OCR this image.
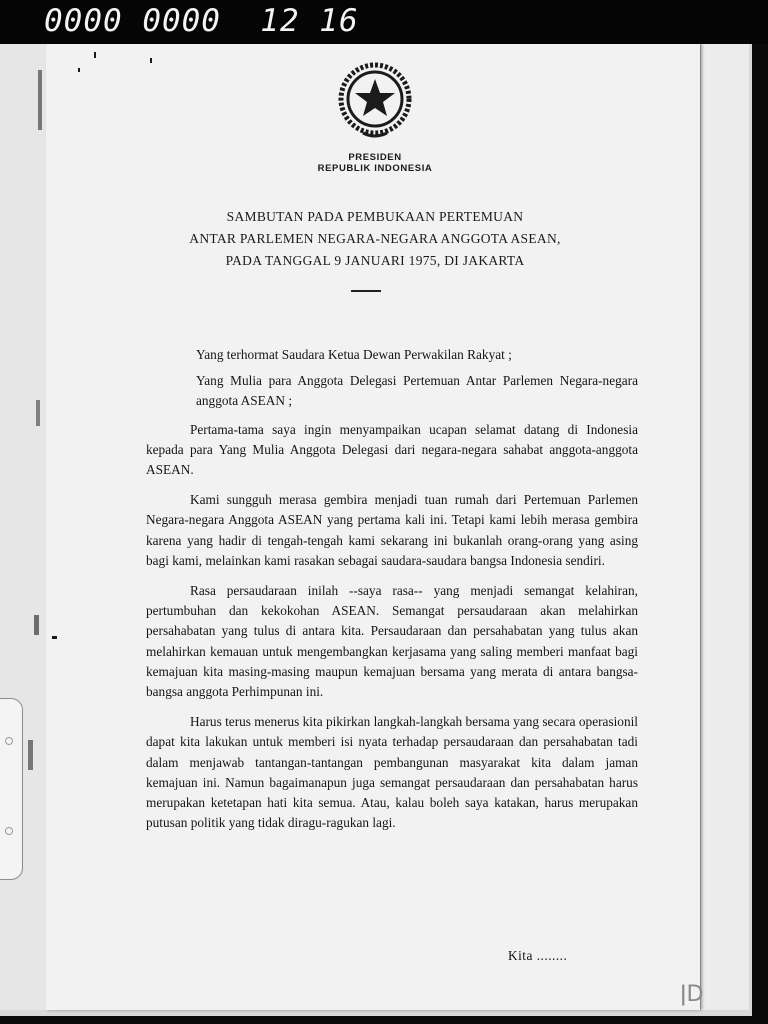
0000 0000  12 16
PRESIDEN
REPUBLIK INDONESIA
SAMBUTAN PADA PEMBUKAAN PERTEMUAN
ANTAR PARLEMEN NEGARA-NEGARA ANGGOTA ASEAN,
PADA TANGGAL 9 JANUARI 1975, DI JAKARTA

Yang terhormat Saudara Ketua Dewan Perwakilan Rakyat ;

Yang Mulia para Anggota Delegasi Pertemuan Antar Parlemen Negara-negara anggota ASEAN ;

Pertama-tama saya ingin menyampaikan ucapan selamat datang di Indonesia kepada para Yang Mulia Anggota Delegasi dari negara-negara sahabat anggota-anggota ASEAN.

Kami sungguh merasa gembira menjadi tuan rumah dari Pertemuan Parlemen Negara-negara Anggota ASEAN yang pertama kali ini. Tetapi kami lebih merasa gembira karena yang hadir di tengah-tengah kami sekarang ini bukanlah orang-orang yang asing bagi kami, melainkan kami rasakan sebagai saudara-saudara bangsa Indonesia sendiri.

Rasa persaudaraan inilah --saya rasa-- yang menjadi semangat kelahiran, pertumbuhan dan kekokohan ASEAN. Semangat persaudaraan akan melahirkan persahabatan yang tulus di antara kita. Persaudaraan dan persahabatan yang tulus akan melahirkan kemauan untuk mengembangkan kerjasama yang saling memberi manfaat bagi kemajuan kita masing-masing maupun kemajuan bersama yang merata di antara bangsa-bangsa anggota Perhimpunan ini.

Harus terus menerus kita pikirkan langkah-langkah bersama yang secara operasionil dapat kita lakukan untuk memberi isi nyata terhadap persaudaraan dan persahabatan tadi dalam menjawab tantangan-tantangan pembangunan masyarakat kita dalam jaman kemajuan ini. Namun bagaimanapun juga semangat persaudaraan dan persahabatan harus merupakan ketetapan hati kita semua. Atau, kalau boleh saya katakan, harus merupakan putusan politik yang tidak diragu-ragukan lagi.

Kita ........
ǀD
